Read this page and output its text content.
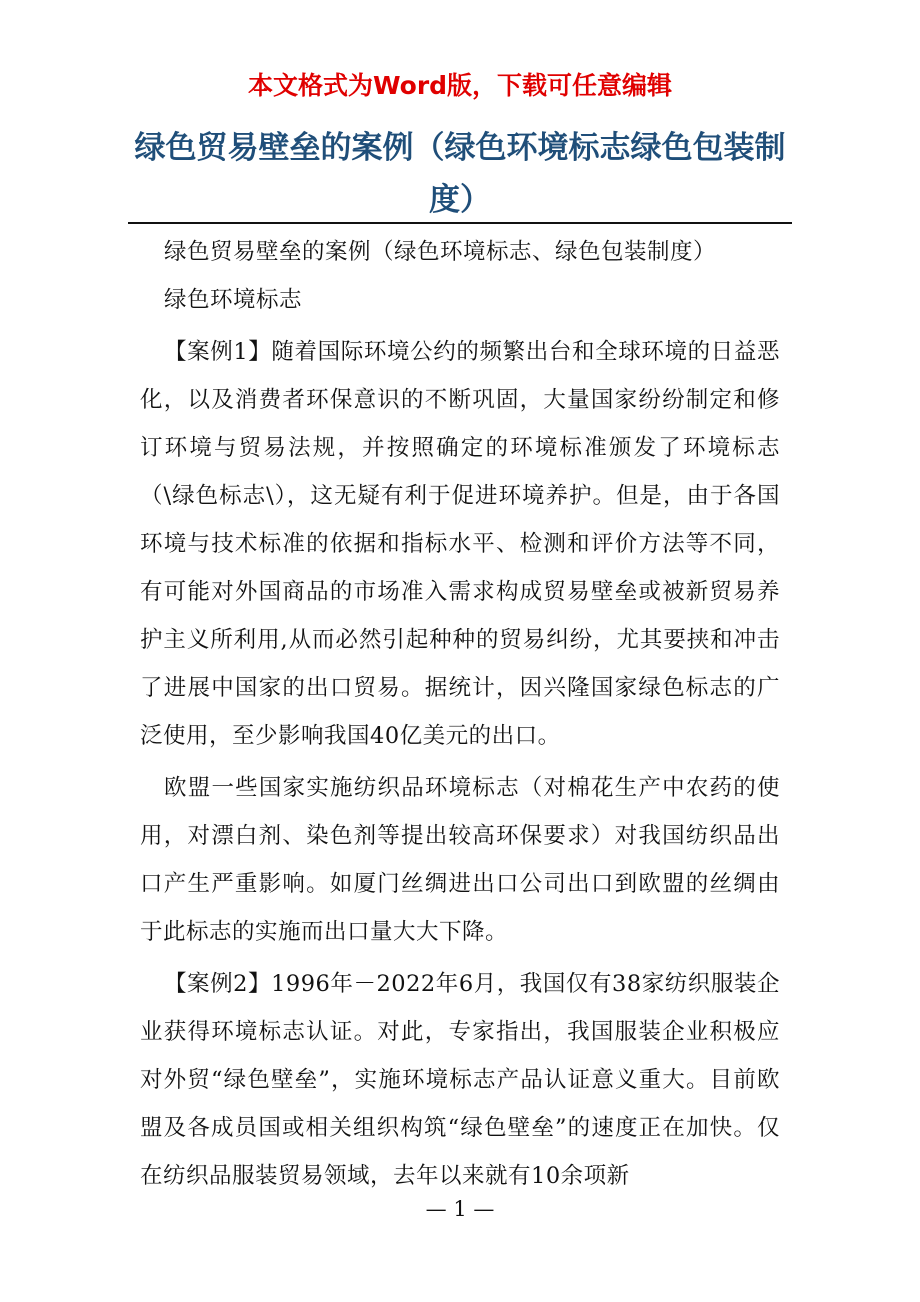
本文格式为Word版，下载可任意编辑
绿色贸易壁垒的案例（绿色环境标志绿色包装制度）

绿色贸易壁垒的案例（绿色环境标志、绿色包装制度）

绿色环境标志

【案例1】随着国际环境公约的频繁出台和全球环境的日益恶化，以及消费者环保意识的不断巩固，大量国家纷纷制定和修订环境与贸易法规，并按照确定的环境标准颁发了环境标志（\绿色标志\），这无疑有利于促进环境养护。但是，由于各国环境与技术标准的依据和指标水平、检测和评价方法等不同，有可能对外国商品的市场准入需求构成贸易壁垒或被新贸易养护主义所利用,从而必然引起种种的贸易纠纷，尤其要挟和冲击了进展中国家的出口贸易。据统计，因兴隆国家绿色标志的广泛使用，至少影响我国40亿美元的出口。

欧盟一些国家实施纺织品环境标志（对棉花生产中农药的使用，对漂白剂、染色剂等提出较高环保要求）对我国纺织品出口产生严重影响。如厦门丝绸进出口公司出口到欧盟的丝绸由于此标志的实施而出口量大大下降。

【案例2】1996年－2022年6月，我国仅有38家纺织服装企业获得环境标志认证。对此，专家指出，我国服装企业积极应对外贸“绿色壁垒”，实施环境标志产品认证意义重大。目前欧盟及各成员国或相关组织构筑“绿色壁垒”的速度正在加快。仅在纺织品服装贸易领域，去年以来就有10余项新

— 1 —
